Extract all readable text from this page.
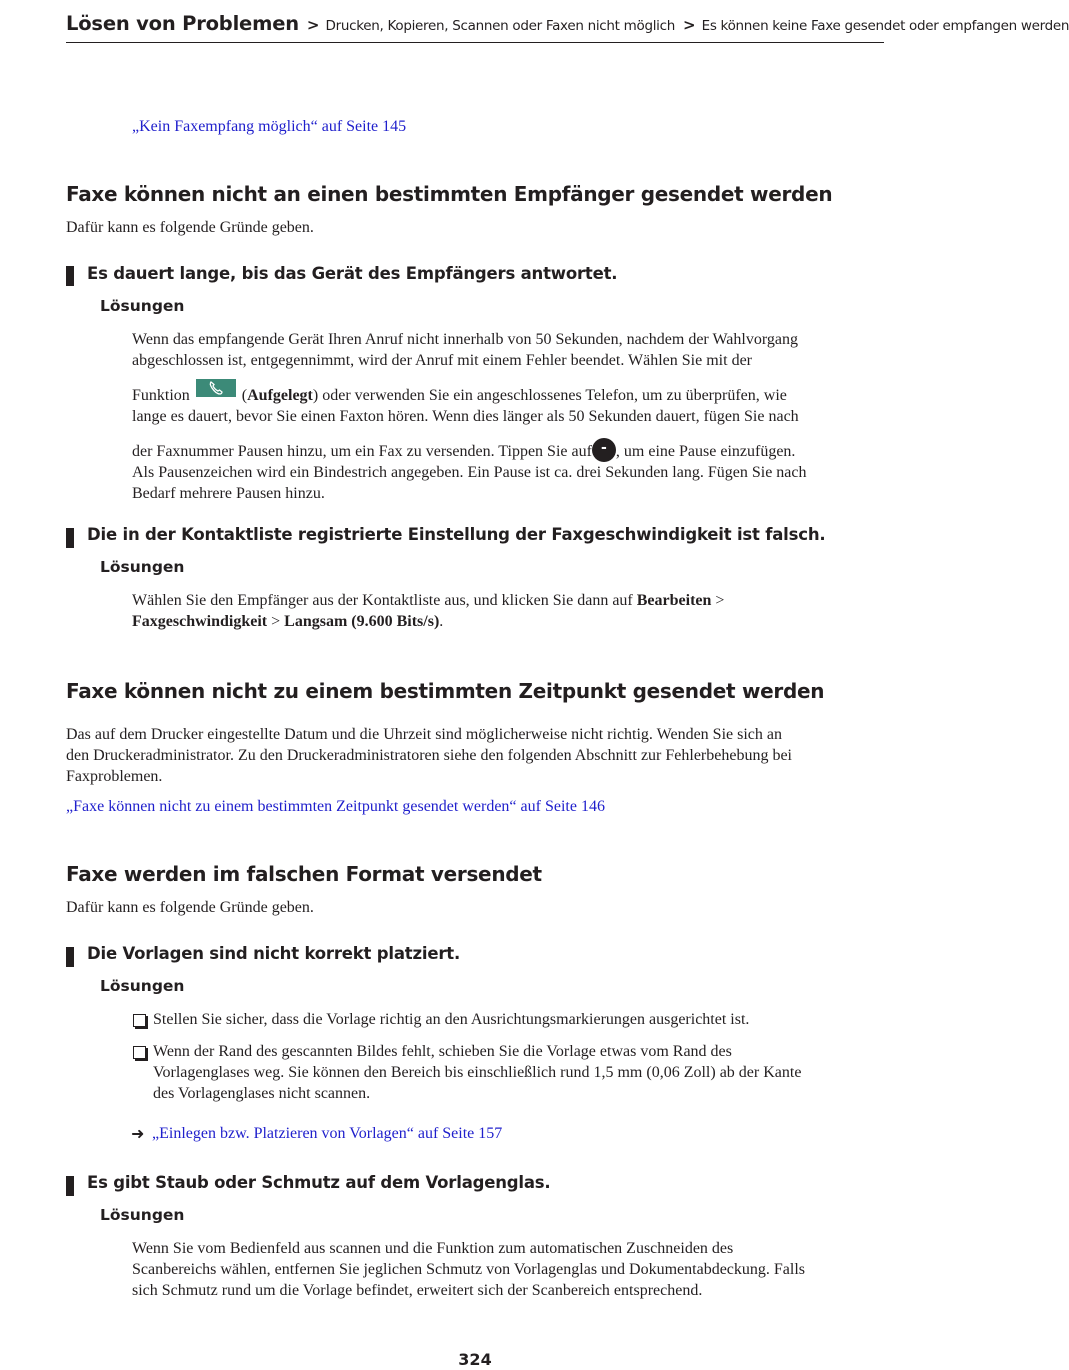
Lösen von Problemen > Drucken, Kopieren, Scannen oder Faxen nicht möglich > Es können keine Faxe gesendet oder empfangen werden
„Kein Faxempfang möglich“ auf Seite 145
Faxe können nicht an einen bestimmten Empfänger gesendet werden
Dafür kann es folgende Gründe geben.
Es dauert lange, bis das Gerät des Empfängers antwortet.
Lösungen
Wenn das empfangende Gerät Ihren Anruf nicht innerhalb von 50 Sekunden, nachdem der Wahlvorgang
abgeschlossen ist, entgegennimmt, wird der Anruf mit einem Fehler beendet. Wählen Sie mit der
Funktion	(Aufgelegt) oder verwenden Sie ein angeschlossenes Telefon, um zu überprüfen, wie
lange es dauert, bevor Sie einen Faxton hören. Wenn dies länger als 50 Sekunden dauert, fügen Sie nach
der Faxnummer Pausen hinzu, um ein Fax zu versenden. Tippen Sie auf - , um eine Pause einzufügen.
Als Pausenzeichen wird ein Bindestrich angegeben. Ein Pause ist ca. drei Sekunden lang. Fügen Sie nach
Bedarf mehrere Pausen hinzu.
Die in der Kontaktliste registrierte Einstellung der Faxgeschwindigkeit ist falsch.
Lösungen
Wählen Sie den Empfänger aus der Kontaktliste aus, und klicken Sie dann auf Bearbeiten >
Faxgeschwindigkeit > Langsam (9.600 Bits/s).
Faxe können nicht zu einem bestimmten Zeitpunkt gesendet werden
Das auf dem Drucker eingestellte Datum und die Uhrzeit sind möglicherweise nicht richtig. Wenden Sie sich an
den Druckeradministrator. Zu den Druckeradministratoren siehe den folgenden Abschnitt zur Fehlerbehebung bei
Faxproblemen.
„Faxe können nicht zu einem bestimmten Zeitpunkt gesendet werden“ auf Seite 146
Faxe werden im falschen Format versendet
Dafür kann es folgende Gründe geben.
Die Vorlagen sind nicht korrekt platziert.
Lösungen
Stellen Sie sicher, dass die Vorlage richtig an den Ausrichtungsmarkierungen ausgerichtet ist.
Wenn der Rand des gescannten Bildes fehlt, schieben Sie die Vorlage etwas vom Rand des
Vorlagenglases weg. Sie können den Bereich bis einschließlich rund 1,5 mm (0,06 Zoll) ab der Kante
des Vorlagenglases nicht scannen.
➜ „Einlegen bzw. Platzieren von Vorlagen“ auf Seite 157
Es gibt Staub oder Schmutz auf dem Vorlagenglas.
Lösungen
Wenn Sie vom Bedienfeld aus scannen und die Funktion zum automatischen Zuschneiden des
Scanbereichs wählen, entfernen Sie jeglichen Schmutz von Vorlagenglas und Dokumentabdeckung. Falls
sich Schmutz rund um die Vorlage befindet, erweitert sich der Scanbereich entsprechend.
324
